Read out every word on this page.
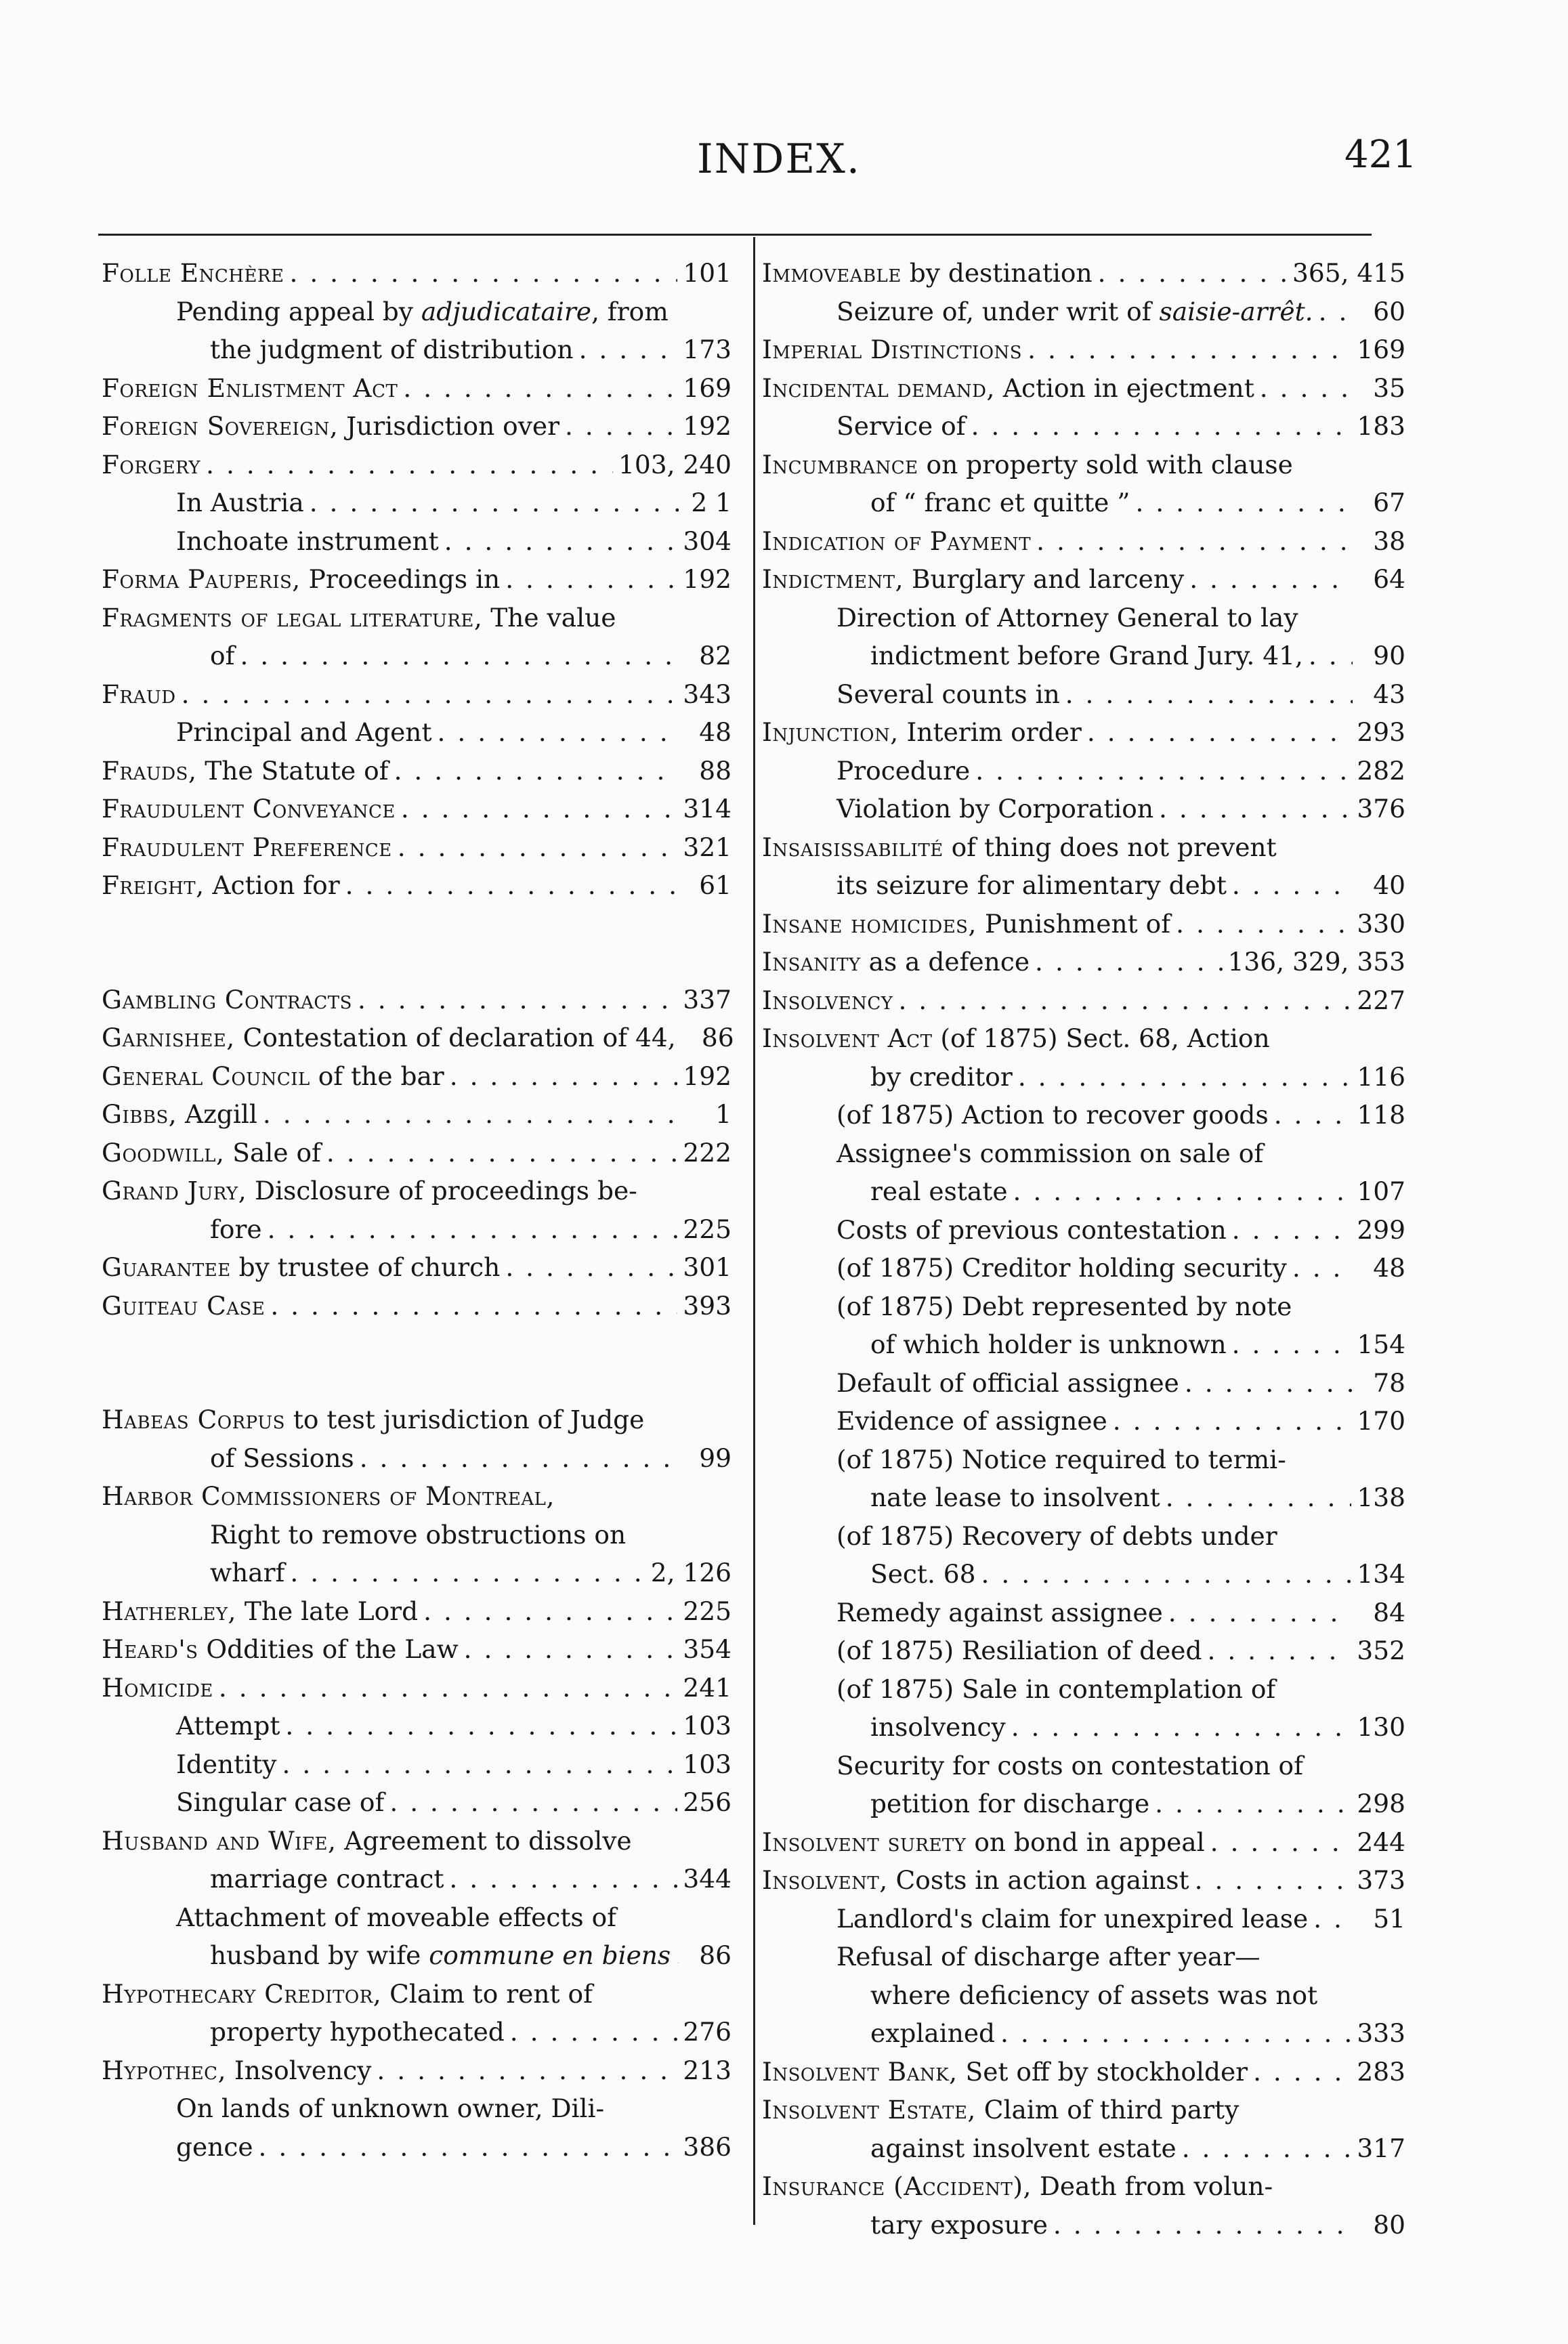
INDEX.	421
Folle Enchère . . .	101
Pending appeal by adjudicataire, from
the judgment of distribution . . .	173
Foreign Enlistment Act . . .	169
Foreign Sovereign, Jurisdiction over . . .	192
Forgery . . .	103, 240
In Austria . . .	2 1
Inchoate instrument . . .	304
Forma Pauperis, Proceedings in . . .	192
Fragments of legal literature, The value
of . . .	82
Fraud . . .	343
Principal and Agent . . .	48
Frauds, The Statute of . . .	88
Fraudulent Conveyance . . .	314
Fraudulent Preference . . .	321
Freight, Action for . . .	61
Gambling Contracts . . .	337
Garnishee, Contestation of declaration of 44,	86
General Council of the bar . . .	192
Gibbs, Azgill . . .	1
Goodwill, Sale of . . .	222
Grand Jury, Disclosure of proceedings be-
fore . . .	225
Guarantee by trustee of church . . .	301
Guiteau Case . . .	393
Habeas Corpus to test jurisdiction of Judge
of Sessions . . .	99
Harbor Commissioners of Montreal,
Right to remove obstructions on
wharf . . .	2, 126
Hatherley, The late Lord . . .	225
Heard's Oddities of the Law . . .	354
Homicide . . .	241
Attempt . . .	103
Identity . . .	103
Singular case of . . .	256
Husband and Wife, Agreement to dissolve
marriage contract . . .	344
Attachment of moveable effects of
husband by wife commune en biens . . .	86
Hypothecary Creditor, Claim to rent of
property hypothecated . . .	276
Hypothec, Insolvency . . .	213
On lands of unknown owner, Dili-
gence . . .	386
Immoveable by destination . . .	365, 415
Seizure of, under writ of saisie-arrêt. . . .	60
Imperial Distinctions . . .	169
Incidental demand, Action in ejectment . . .	35
Service of . . .	183
Incumbrance on property sold with clause
of “ franc et quitte ” . . .	67
Indication of Payment . . .	38
Indictment, Burglary and larceny . . .	64
Direction of Attorney General to lay
indictment before Grand Jury. 41, . . .	90
Several counts in . . .	43
Injunction, Interim order . . .	293
Procedure . . .	282
Violation by Corporation . . .	376
Insaisissabilité of thing does not prevent
its seizure for alimentary debt . . .	40
Insane homicides, Punishment of . . .	330
Insanity as a defence . . .	136, 329, 353
Insolvency . . .	227
Insolvent Act (of 1875) Sect. 68, Action
by creditor . . .	116
(of 1875) Action to recover goods . . .	118
Assignee's commission on sale of
real estate . . .	107
Costs of previous contestation . . .	299
(of 1875) Creditor holding security . . .	48
(of 1875) Debt represented by note
of which holder is unknown . . .	154
Default of official assignee . . .	78
Evidence of assignee . . .	170
(of 1875) Notice required to termi-
nate lease to insolvent . . .	138
(of 1875) Recovery of debts under
Sect. 68 . . .	134
Remedy against assignee . . .	84
(of 1875) Resiliation of deed . . .	352
(of 1875) Sale in contemplation of
insolvency . . .	130
Security for costs on contestation of
petition for discharge . . .	298
Insolvent surety on bond in appeal . . .	244
Insolvent, Costs in action against . . .	373
Landlord's claim for unexpired lease . . .	51
Refusal of discharge after year—
where deficiency of assets was not
explained . . .	333
Insolvent Bank, Set off by stockholder . . .	283
Insolvent Estate, Claim of third party
against insolvent estate . . .	317
Insurance (Accident), Death from volun-
tary exposure . . .	80
